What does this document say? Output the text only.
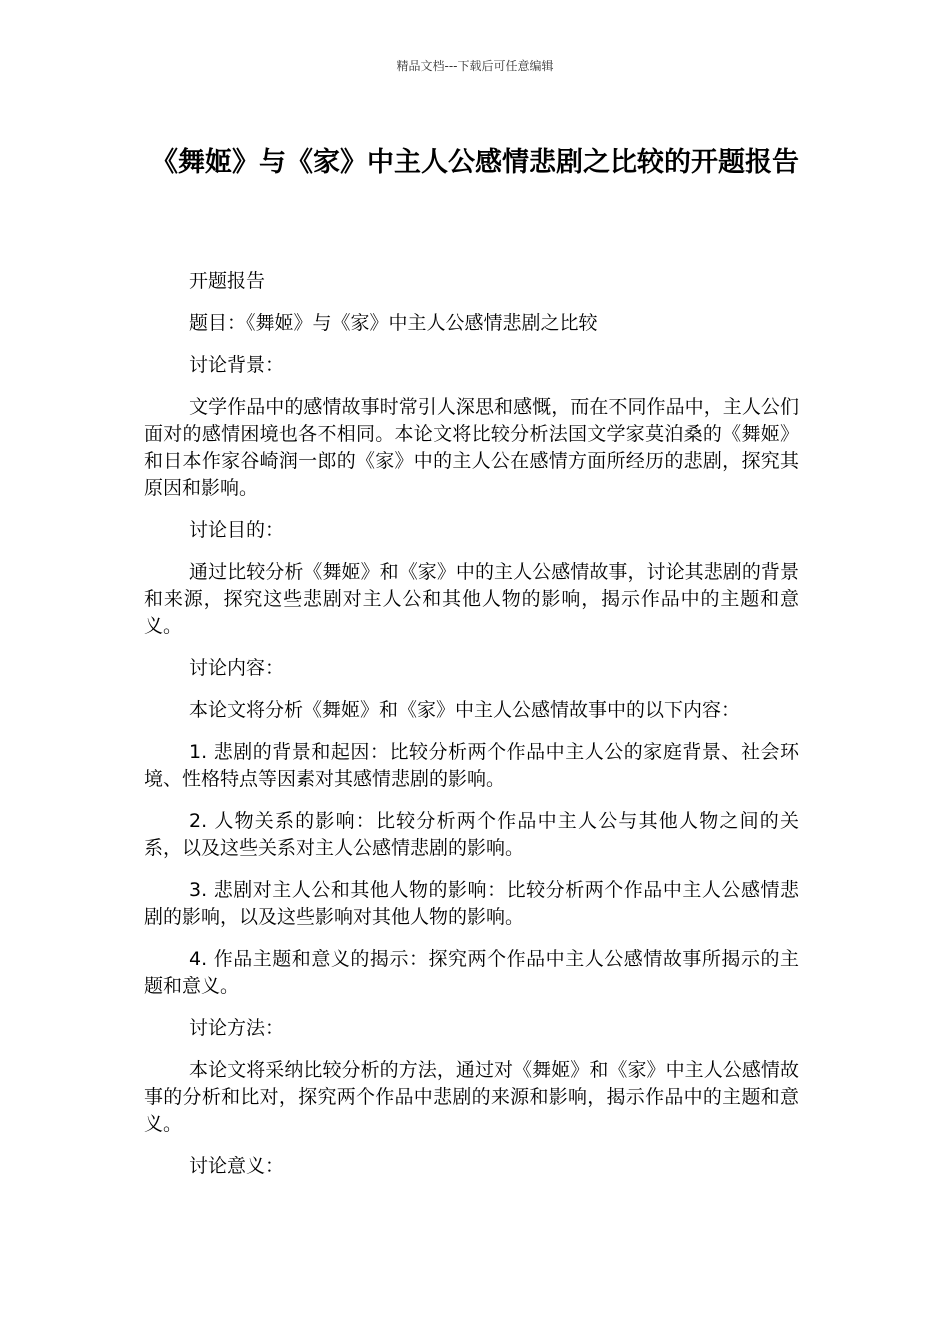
精品文档---下载后可任意编辑
《舞姬》与《家》中主人公感情悲剧之比较的开题报告

开题报告

题目：《舞姬》与《家》中主人公感情悲剧之比较

讨论背景：

文学作品中的感情故事时常引人深思和感慨，而在不同作品中，主人公们面对的感情困境也各不相同。本论文将比较分析法国文学家莫泊桑的《舞姬》和日本作家谷崎润一郎的《家》中的主人公在感情方面所经历的悲剧，探究其原因和影响。

讨论目的：

通过比较分析《舞姬》和《家》中的主人公感情故事，讨论其悲剧的背景和来源，探究这些悲剧对主人公和其他人物的影响，揭示作品中的主题和意义。

讨论内容：

本论文将分析《舞姬》和《家》中主人公感情故事中的以下内容：

1. 悲剧的背景和起因：比较分析两个作品中主人公的家庭背景、社会环境、性格特点等因素对其感情悲剧的影响。

2. 人物关系的影响：比较分析两个作品中主人公与其他人物之间的关系，以及这些关系对主人公感情悲剧的影响。

3. 悲剧对主人公和其他人物的影响：比较分析两个作品中主人公感情悲剧的影响，以及这些影响对其他人物的影响。

4. 作品主题和意义的揭示：探究两个作品中主人公感情故事所揭示的主题和意义。

讨论方法：

本论文将采纳比较分析的方法，通过对《舞姬》和《家》中主人公感情故事的分析和比对，探究两个作品中悲剧的来源和影响，揭示作品中的主题和意义。

讨论意义：
